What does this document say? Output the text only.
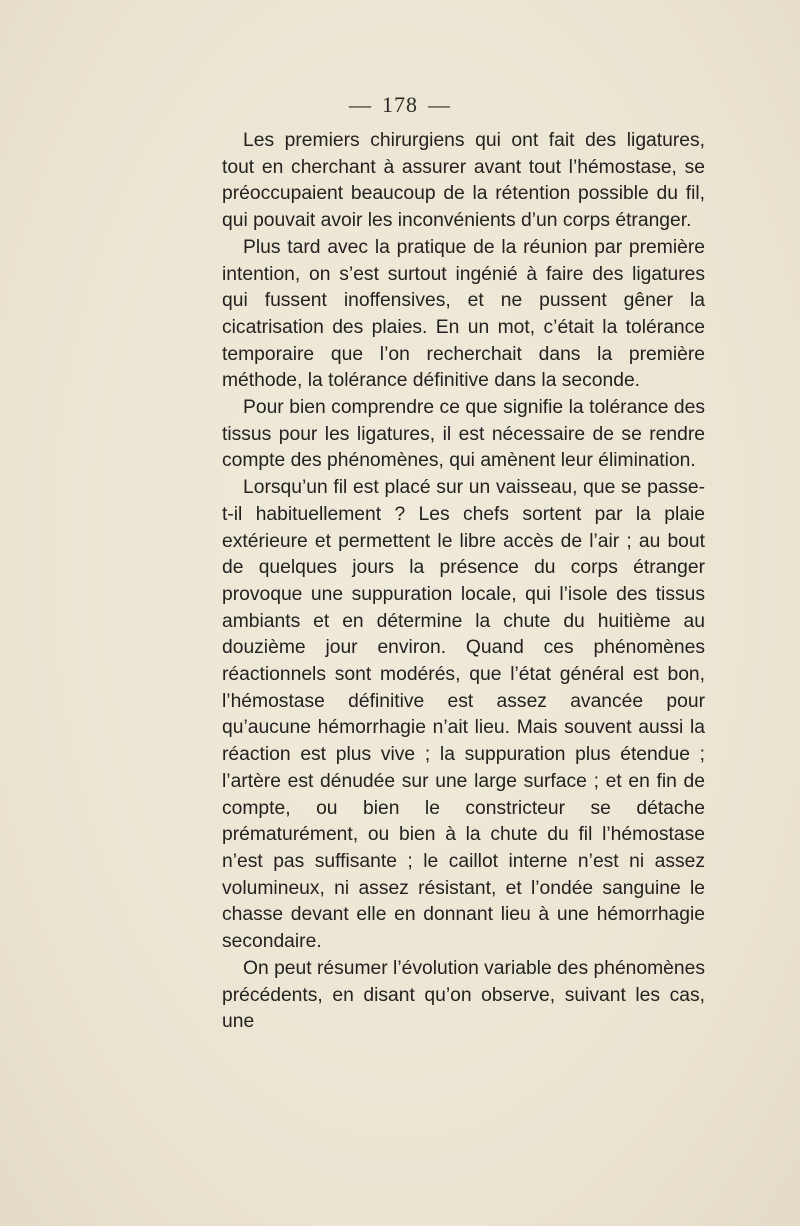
— 178 —

Les premiers chirurgiens qui ont fait des ligatures, tout en cherchant à assurer avant tout l’hémostase, se préoccupaient beaucoup de la rétention possible du fil, qui pouvait avoir les inconvénients d’un corps étranger.

Plus tard avec la pratique de la réunion par première intention, on s’est surtout ingénié à faire des ligatures qui fussent inoffensives, et ne pussent gêner la cicatrisation des plaies. En un mot, c’était la tolérance temporaire que l’on recherchait dans la première méthode, la tolérance définitive dans la seconde.

Pour bien comprendre ce que signifie la tolérance des tissus pour les ligatures, il est nécessaire de se rendre compte des phénomènes, qui amènent leur élimination.

Lorsqu’un fil est placé sur un vaisseau, que se passe-t-il habituellement ? Les chefs sortent par la plaie extérieure et permettent le libre accès de l’air ; au bout de quelques jours la présence du corps étranger provoque une suppuration locale, qui l’isole des tissus ambiants et en détermine la chute du huitième au douzième jour environ. Quand ces phénomènes réactionnels sont modérés, que l’état général est bon, l’hémostase définitive est assez avancée pour qu’aucune hémorrhagie n’ait lieu. Mais souvent aussi la réaction est plus vive ; la suppuration plus étendue ; l’artère est dénudée sur une large surface ; et en fin de compte, ou bien le constricteur se détache prématurément, ou bien à la chute du fil l’hémostase n’est pas suffisante ; le caillot interne n’est ni assez volumineux, ni assez résistant, et l’ondée sanguine le chasse devant elle en donnant lieu à une hémorrhagie secondaire.

On peut résumer l’évolution variable des phénomènes précédents, en disant qu’on observe, suivant les cas, une
